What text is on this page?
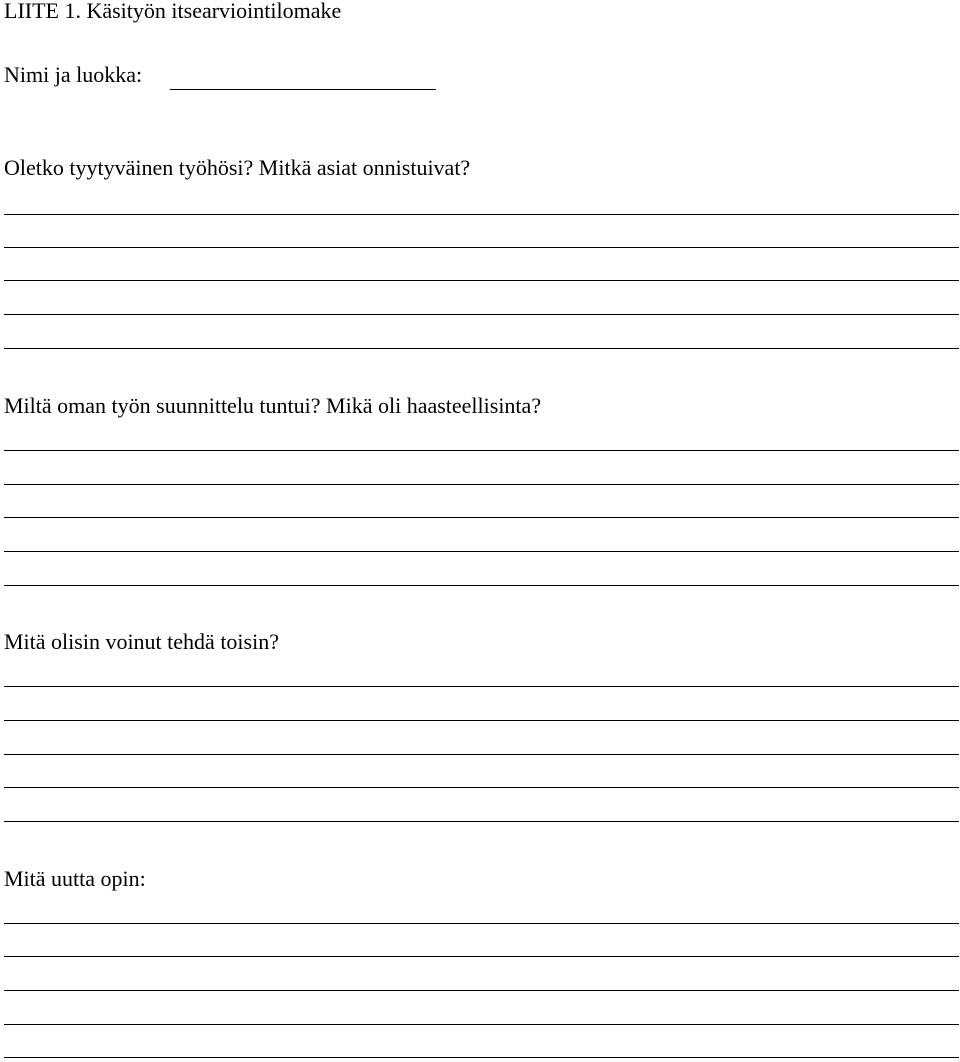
LIITE 1. Käsityön itsearviointilomake
Nimi ja luokka:
Oletko tyytyväinen työhösi? Mitkä asiat onnistuivat?
Miltä oman työn suunnittelu tuntui? Mikä oli haasteellisinta?
Mitä olisin voinut tehdä toisin?
Mitä uutta opin:
